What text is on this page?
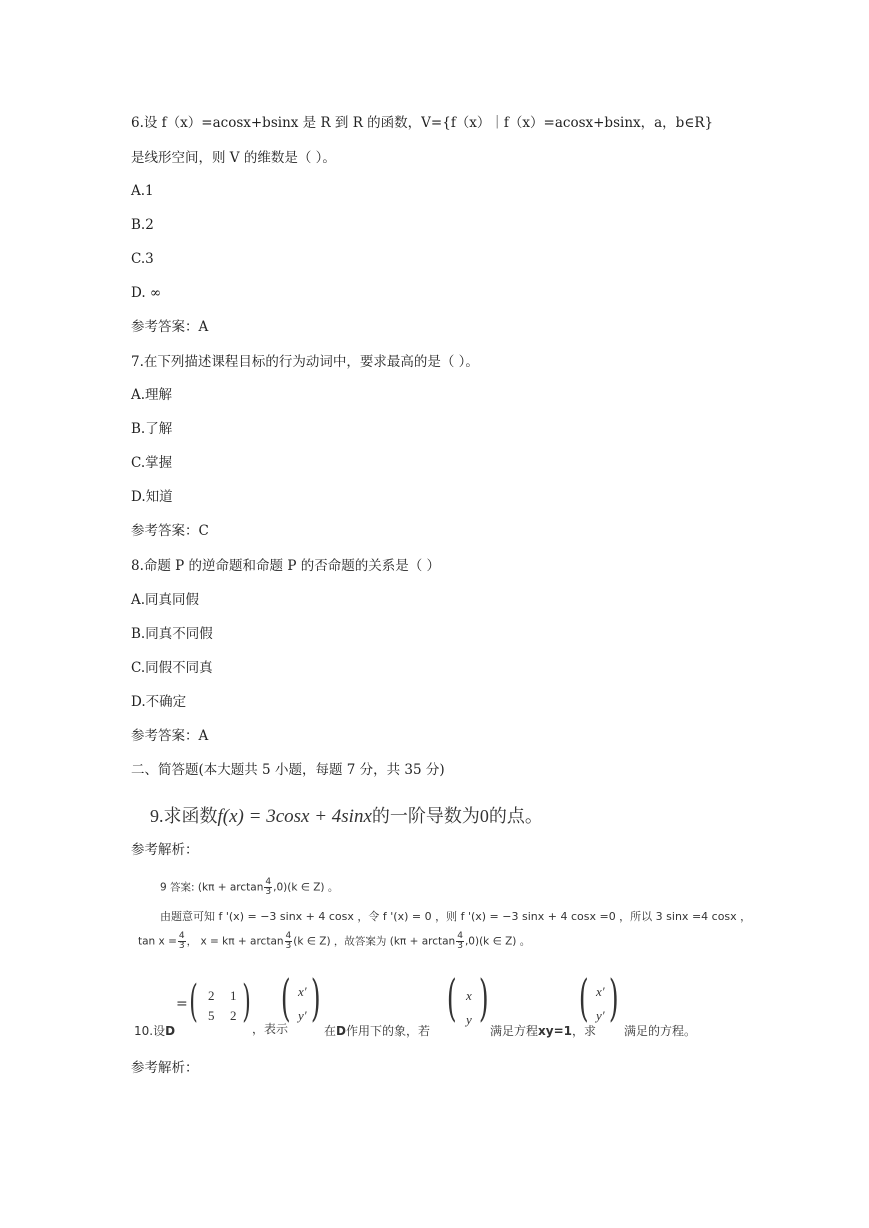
6.设 f（x）=acosx+bsinx 是 R 到 R 的函数，V={f（x）｜f（x）=acosx+bsinx，a，b∈R}
是线形空间，则 V 的维数是（ ）。
A.1
B.2
C.3
D. ∞
参考答案：A
7.在下列描述课程目标的行为动词中，要求最高的是（ ）。
A.理解
B.了解
C.掌握
D.知道
参考答案：C
8.命题 P 的逆命题和命题 P 的否命题的关系是（ ）
A.同真同假
B.同真不同假
C.同假不同真
D.不确定
参考答案：A
二、简答题(本大题共 5 小题，每题 7 分，共 35 分)
9.求函数f(x) = 3cosx + 4sinx的一阶导数为0的点。
参考解析：
9 答案: $(k\pi + \arctan \frac{4}{3} ,0)(k$ ∈ Z) 。
由题意可知 f '(x) = −3 sinx + 4 cosx ，令 f '(x) = 0 ，则 f '(x) = −3 sinx + 4 cosx =0 ，所以 3 sinx =4 cosx ，
$\tan x = \frac{4}{3}$ ， $x = k\pi + \arctan \frac{4}{3} (k$ ∈ Z) ，故答案为 $(k\pi + \arctan \frac{4}{3} ,0)(k$ ∈ Z) 。
10.设D
= ( 2 1
5 2 )
，表示
( x′
y′ )
在D作用下的象，若
( x
y )
满足方程xy=1，求
( x′
y′ )
满足的方程。
参考解析：
